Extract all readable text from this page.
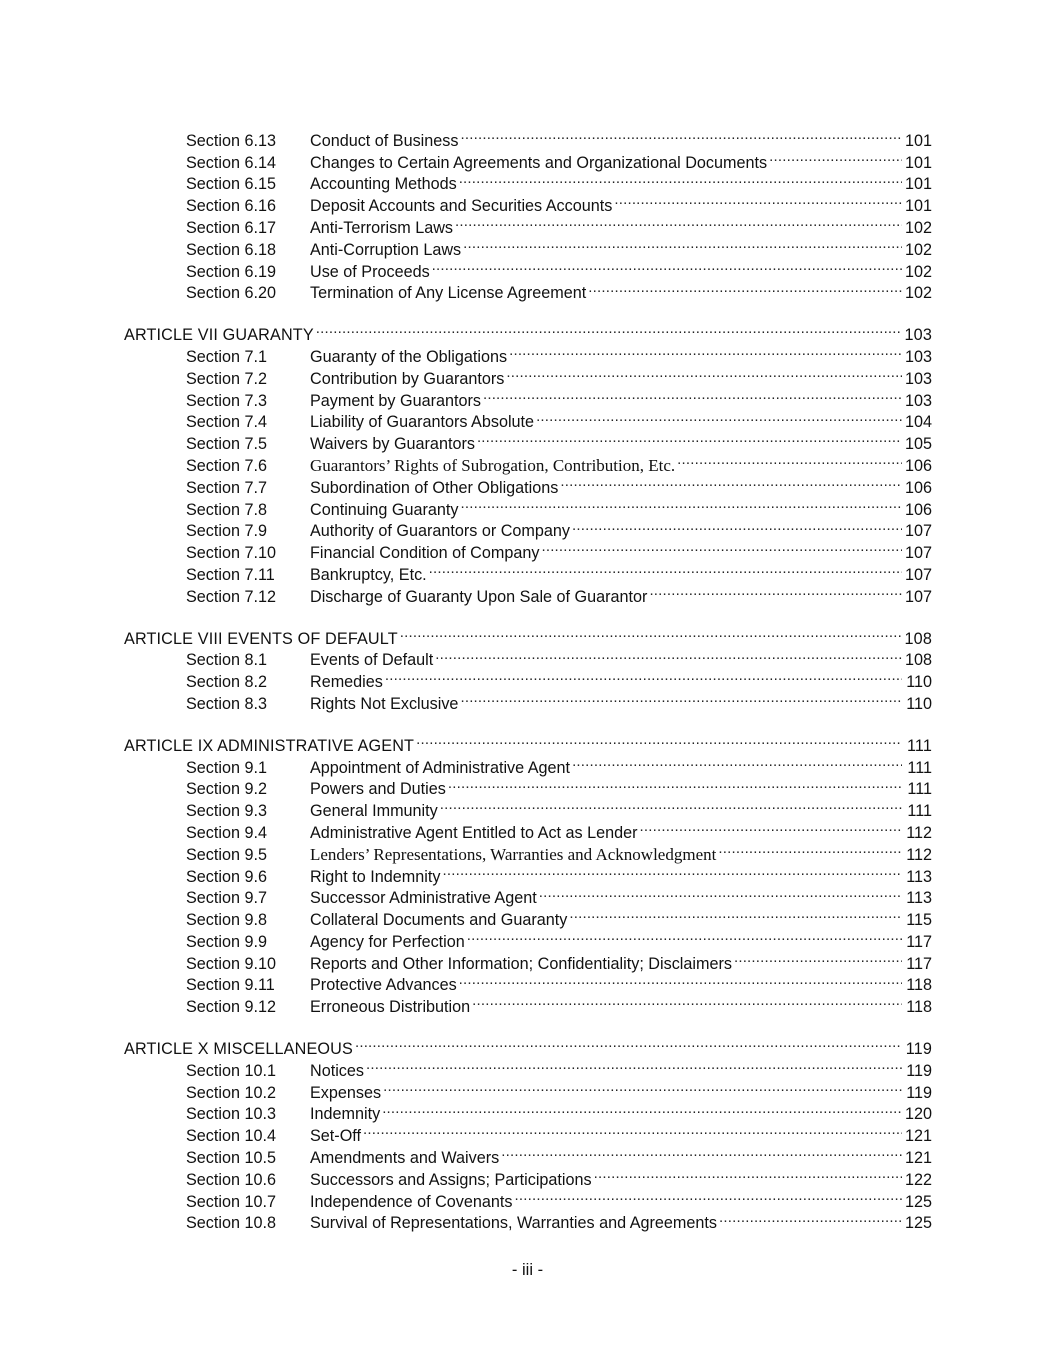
Section 6.13	Conduct of Business .....	101
Section 6.14	Changes to Certain Agreements and Organizational Documents .....	101
Section 6.15	Accounting Methods .....	101
Section 6.16	Deposit Accounts and Securities Accounts .....	101
Section 6.17	Anti-Terrorism Laws .....	102
Section 6.18	Anti-Corruption Laws .....	102
Section 6.19	Use of Proceeds .....	102
Section 6.20	Termination of Any License Agreement .....	102
ARTICLE VII GUARANTY .....	103
Section 7.1	Guaranty of the Obligations .....	103
Section 7.2	Contribution by Guarantors .....	103
Section 7.3	Payment by Guarantors .....	103
Section 7.4	Liability of Guarantors Absolute .....	104
Section 7.5	Waivers by Guarantors .....	105
Section 7.6	Guarantors’ Rights of Subrogation, Contribution, Etc. .....	106
Section 7.7	Subordination of Other Obligations .....	106
Section 7.8	Continuing Guaranty .....	106
Section 7.9	Authority of Guarantors or Company .....	107
Section 7.10	Financial Condition of Company .....	107
Section 7.11	Bankruptcy, Etc. .....	107
Section 7.12	Discharge of Guaranty Upon Sale of Guarantor .....	107
ARTICLE VIII EVENTS OF DEFAULT .....	108
Section 8.1	Events of Default .....	108
Section 8.2	Remedies .....	110
Section 8.3	Rights Not Exclusive .....	110
ARTICLE IX ADMINISTRATIVE AGENT .....	111
Section 9.1	Appointment of Administrative Agent .....	111
Section 9.2	Powers and Duties .....	111
Section 9.3	General Immunity .....	111
Section 9.4	Administrative Agent Entitled to Act as Lender .....	112
Section 9.5	Lenders’ Representations, Warranties and Acknowledgment .....	112
Section 9.6	Right to Indemnity .....	113
Section 9.7	Successor Administrative Agent .....	113
Section 9.8	Collateral Documents and Guaranty .....	115
Section 9.9	Agency for Perfection .....	117
Section 9.10	Reports and Other Information; Confidentiality; Disclaimers .....	117
Section 9.11	Protective Advances .....	118
Section 9.12	Erroneous Distribution .....	118
ARTICLE X MISCELLANEOUS .....	119
Section 10.1	Notices .....	119
Section 10.2	Expenses .....	119
Section 10.3	Indemnity .....	120
Section 10.4	Set-Off .....	121
Section 10.5	Amendments and Waivers .....	121
Section 10.6	Successors and Assigns; Participations .....	122
Section 10.7	Independence of Covenants .....	125
Section 10.8	Survival of Representations, Warranties and Agreements .....	125
- iii -
